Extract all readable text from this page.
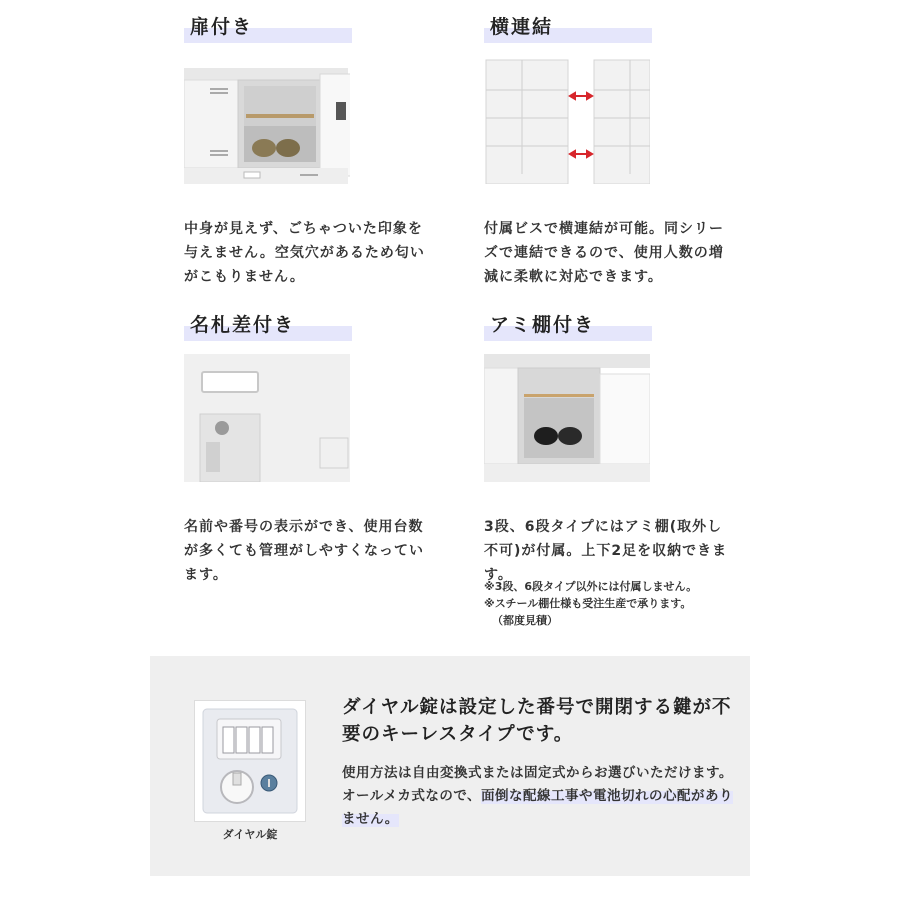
扉付き
中身が見えず、ごちゃついた印象を与えません。空気穴があるため匂いがこもりません。
横連結
付属ビスで横連結が可能。同シリーズで連結できるので、使用人数の増減に柔軟に対応できます。
名札差付き
名前や番号の表示ができ、使用台数が多くても管理がしやすくなっています。
アミ棚付き
3段、6段タイプにはアミ棚(取外し不可)が付属。上下2足を収納できます。
※3段、6段タイプ以外には付属しません。
※スチール棚仕様も受注生産で承ります。
（都度見積）
ダイヤル錠
ダイヤル錠は設定した番号で開閉する鍵が不要のキーレスタイプです。
使用方法は自由変換式または固定式からお選びいただけます。オールメカ式なので、面倒な配線工事や電池切れの心配がありません。
